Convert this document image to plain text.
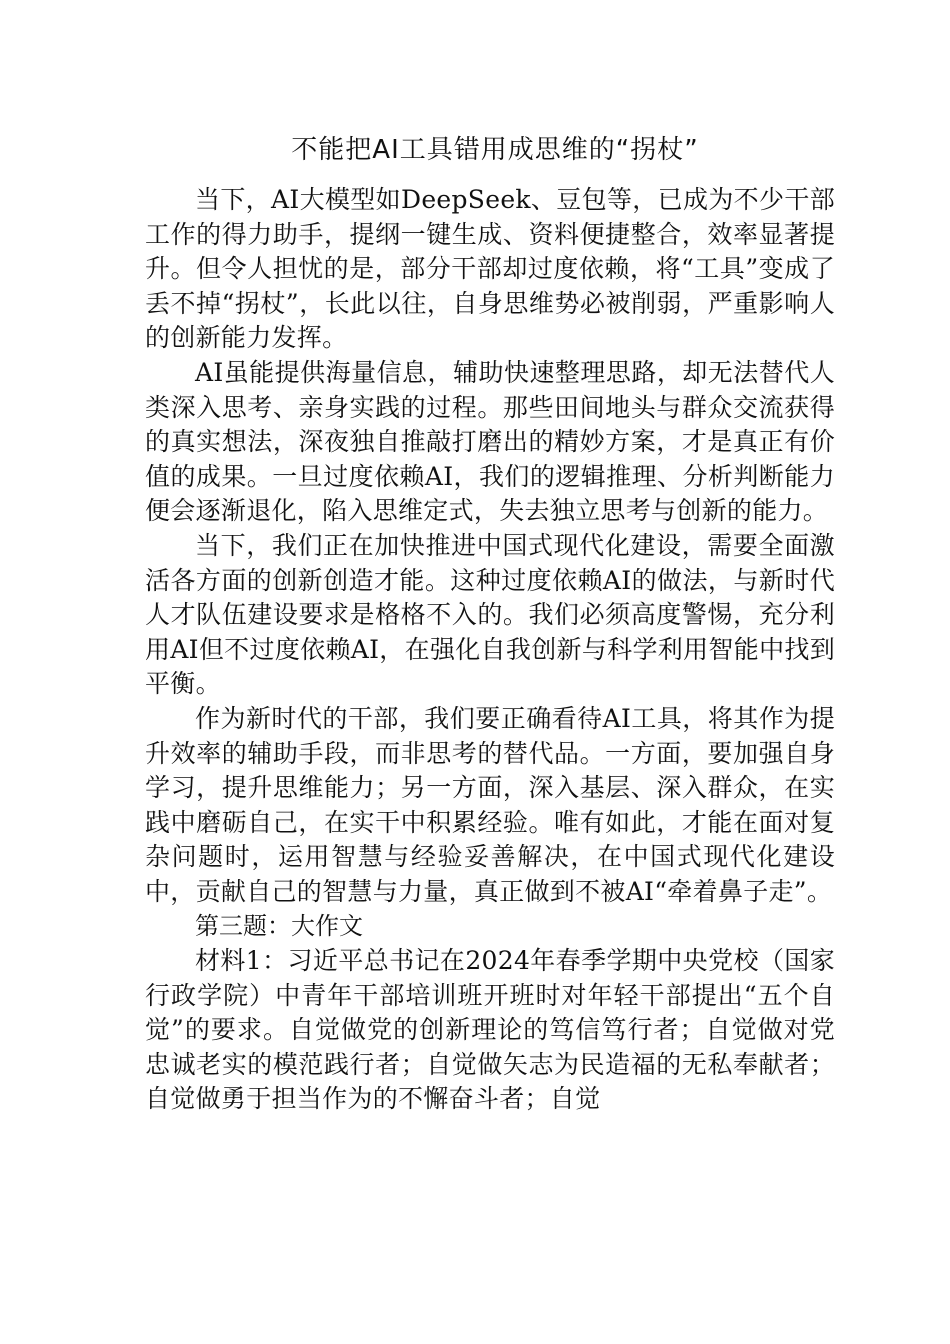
不能把AI工具错用成思维的“拐杖”

当下，AI大模型如DeepSeek、豆包等，已成为不少干部工作的得力助手，提纲一键生成、资料便捷整合，效率显著提升。但令人担忧的是，部分干部却过度依赖，将“工具”变成了丢不掉“拐杖”，长此以往，自身思维势必被削弱，严重影响人的创新能力发挥。

AI虽能提供海量信息，辅助快速整理思路，却无法替代人类深入思考、亲身实践的过程。那些田间地头与群众交流获得的真实想法，深夜独自推敲打磨出的精妙方案，才是真正有价值的成果。一旦过度依赖AI，我们的逻辑推理、分析判断能力便会逐渐退化，陷入思维定式，失去独立思考与创新的能力。

当下，我们正在加快推进中国式现代化建设，需要全面激活各方面的创新创造才能。这种过度依赖AI的做法，与新时代人才队伍建设要求是格格不入的。我们必须高度警惕，充分利用AI但不过度依赖AI，在强化自我创新与科学利用智能中找到平衡。

作为新时代的干部，我们要正确看待AI工具，将其作为提升效率的辅助手段，而非思考的替代品。一方面，要加强自身学习，提升思维能力；另一方面，深入基层、深入群众，在实践中磨砺自己，在实干中积累经验。唯有如此，才能在面对复杂问题时，运用智慧与经验妥善解决，在中国式现代化建设中，贡献自己的智慧与力量，真正做到不被AI“牵着鼻子走”。

第三题：大作文

材料1：习近平总书记在2024年春季学期中央党校（国家行政学院）中青年干部培训班开班时对年轻干部提出“五个自觉”的要求。自觉做党的创新理论的笃信笃行者；自觉做对党忠诚老实的模范践行者；自觉做矢志为民造福的无私奉献者；自觉做勇于担当作为的不懈奋斗者；自觉
